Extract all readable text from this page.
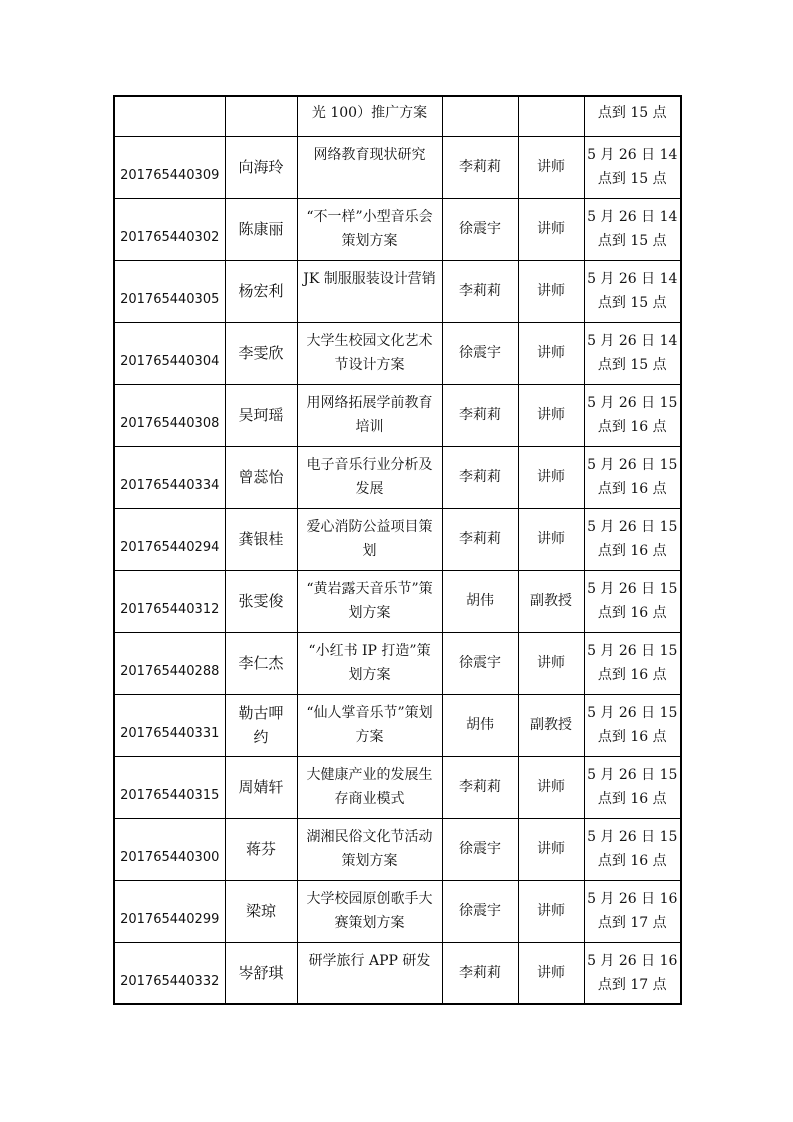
		光 100）推广方案			点到 15 点
201765440309	向海玲	网络教育现状研究	李莉莉	讲师	5 月 26 日 14
点到 15 点

201765440302	陈康丽	“不一样”小型音乐会
策划方案	徐震宇	讲师	5 月 26 日 14
点到 15 点

201765440305	杨宏利	JK 制服服装设计营销	李莉莉	讲师	5 月 26 日 14
点到 15 点

201765440304	李雯欣	大学生校园文化艺术
节设计方案	徐震宇	讲师	5 月 26 日 14
点到 15 点

201765440308	吴珂瑶	用网络拓展学前教育
培训	李莉莉	讲师	5 月 26 日 15
点到 16 点

201765440334	曾蕊怡	电子音乐行业分析及
发展	李莉莉	讲师	5 月 26 日 15
点到 16 点

201765440294	龚银桂	爱心消防公益项目策
划	李莉莉	讲师	5 月 26 日 15
点到 16 点

201765440312	张雯俊	“黄岩露天音乐节”策
划方案	胡伟	副教授	5 月 26 日 15
点到 16 点

201765440288	李仁杰	“小红书 IP 打造”策
划方案	徐震宇	讲师	5 月 26 日 15
点到 16 点

201765440331	勒古呷
约	“仙人掌音乐节”策划
方案	胡伟	副教授	5 月 26 日 15
点到 16 点

201765440315	周婧轩	大健康产业的发展生
存商业模式	李莉莉	讲师	5 月 26 日 15
点到 16 点

201765440300	蒋芬	湖湘民俗文化节活动
策划方案	徐震宇	讲师	5 月 26 日 15
点到 16 点

201765440299	梁琼	大学校园原创歌手大
赛策划方案	徐震宇	讲师	5 月 26 日 16
点到 17 点

201765440332	岑舒琪	研学旅行 APP 研发	李莉莉	讲师	5 月 26 日 16
点到 17 点
